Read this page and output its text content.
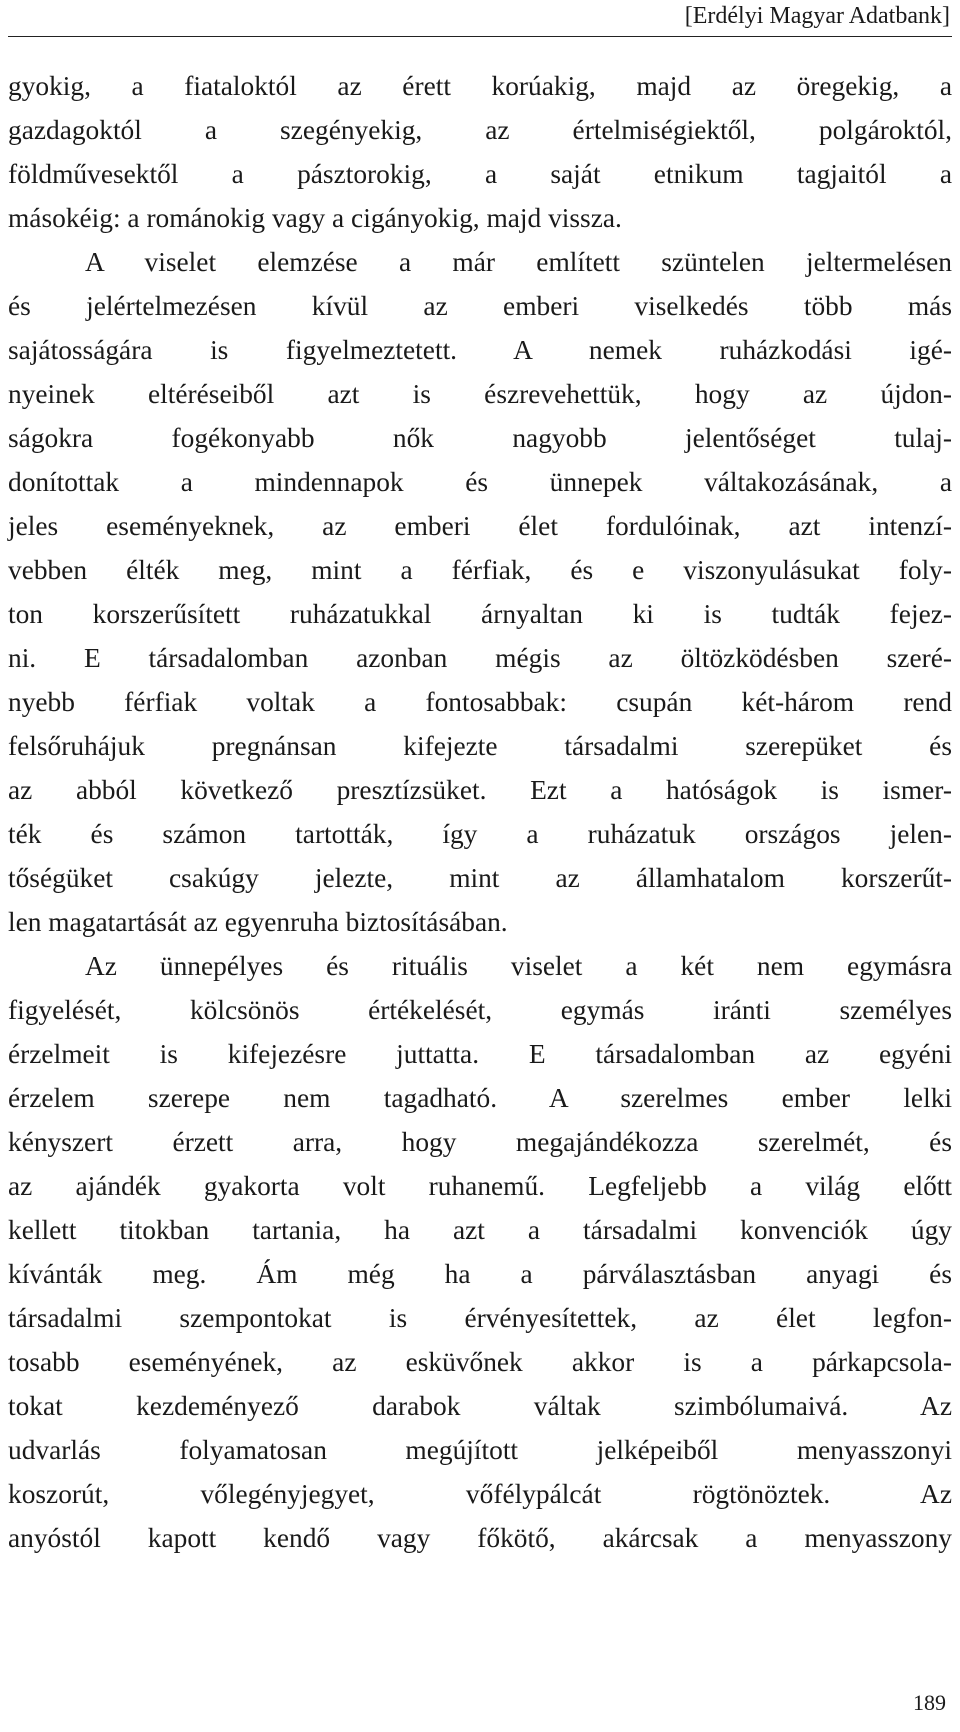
[Erdélyi Magyar Adatbank]
gyokig, a fiataloktól az érett korúakig, majd az öregekig, a
gazdagoktól a szegényekig, az értelmiségiektől, polgároktól,
földművesektől a pásztorokig, a saját etnikum tagjaitól a
másokéig: a románokig vagy a cigányokig, majd vissza.
A viselet elemzése a már említett szüntelen jeltermelésen
és jelértelmezésen kívül az emberi viselkedés több más
sajátosságára is figyelmeztetett. A nemek ruházkodási igé-
nyeinek eltéréseiből azt is észrevehettük, hogy az újdon-
ságokra fogékonyabb nők nagyobb jelentőséget tulaj-
donítottak a mindennapok és ünnepek váltakozásának, a
jeles eseményeknek, az emberi élet fordulóinak, azt intenzí-
vebben élték meg, mint a férfiak, és e viszonyulásukat foly-
ton korszerűsített ruházatukkal árnyaltan ki is tudták fejez-
ni. E társadalomban azonban mégis az öltözködésben szeré-
nyebb férfiak voltak a fontosabbak: csupán két-három rend
felsőruhájuk pregnánsan kifejezte társadalmi szerepüket és
az abból következő presztízsüket. Ezt a hatóságok is ismer-
ték és számon tartották, így a ruházatuk országos jelen-
tőségüket csakúgy jelezte, mint az államhatalom korszerűt-
len magatartását az egyenruha biztosításában.
Az ünnepélyes és rituális viselet a két nem egymásra
figyelését, kölcsönös értékelését, egymás iránti személyes
érzelmeit is kifejezésre juttatta. E társadalomban az egyéni
érzelem szerepe nem tagadható. A szerelmes ember lelki
kényszert érzett arra, hogy megajándékozza szerelmét, és
az ajándék gyakorta volt ruhanemű. Legfeljebb a világ előtt
kellett titokban tartania, ha azt a társadalmi konvenciók úgy
kívánták meg. Ám még ha a párválasztásban anyagi és
társadalmi szempontokat is érvényesítettek, az élet legfon-
tosabb eseményének, az esküvőnek akkor is a párkapcsola-
tokat kezdeményező darabok váltak szimbólumaivá. Az
udvarlás folyamatosan megújított jelképeiből menyasszonyi
koszorút, vőlegényjegyet, vőfélypálcát rögtönöztek. Az
anyóstól kapott kendő vagy főkötő, akárcsak a menyasszony
189
